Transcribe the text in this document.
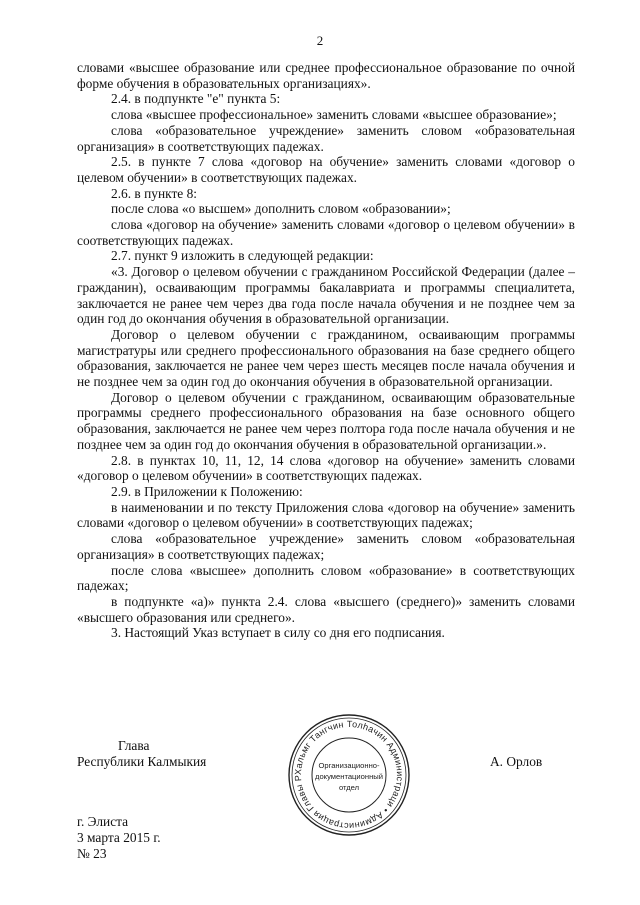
2

словами «высшее образование или среднее профессиональное образование по очной форме обучения в образовательных организациях».

2.4. в подпункте "е" пункта 5:

слова «высшее профессиональное» заменить словами «высшее образование»;

слова «образовательное учреждение» заменить словом «образовательная организация» в соответствующих падежах.

2.5. в пункте 7 слова «договор на обучение» заменить словами «договор о целевом обучении» в соответствующих падежах.

2.6. в пункте 8:

после слова «о высшем» дополнить словом «образовании»;

слова «договор на обучение» заменить словами «договор о целевом обучении» в соответствующих падежах.

2.7. пункт 9 изложить в следующей редакции:

«3. Договор о целевом обучении с гражданином Российской Федерации (далее – гражданин), осваивающим программы бакалавриата и программы специалитета, заключается не ранее чем через два года после начала обучения и не позднее чем за один год до окончания обучения в образовательной организации.

Договор о целевом обучении с гражданином, осваивающим программы магистратуры или среднего профессионального образования на базе среднего общего образования, заключается не ранее чем через шесть месяцев после начала обучения и не позднее чем за один год до окончания обучения в образовательной организации.

Договор о целевом обучении с гражданином, осваивающим образовательные программы среднего профессионального образования на базе основного общего образования, заключается не ранее чем через полтора года после начала обучения и не позднее чем за один год до окончания обучения в образовательной организации.».

2.8. в пунктах 10, 11, 12, 14 слова «договор на обучение» заменить словами «договор о целевом обучении» в соответствующих падежах.

2.9. в Приложении к Положению:

в наименовании и по тексту Приложения слова «договор на обучение» заменить словами «договор о целевом обучении» в соответствующих падежах;

слова «образовательное учреждение» заменить словом «образовательная организация» в соответствующих падежах;

после слова «высшее» дополнить словом «образование» в соответствующих падежах;

в подпункте «а)» пункта 2.4. слова «высшего (среднего)» заменить словами «высшего образования или среднего».

3. Настоящий Указ вступает в силу со дня его подписания.

Глава
Республики Калмыкия	А. Орлов
Хальмг Тангчин Толһачин Администраци • Администрация Главы Р
Организационно-
документационный
отдел
г. Элиста
3 марта 2015 г.
№ 23
